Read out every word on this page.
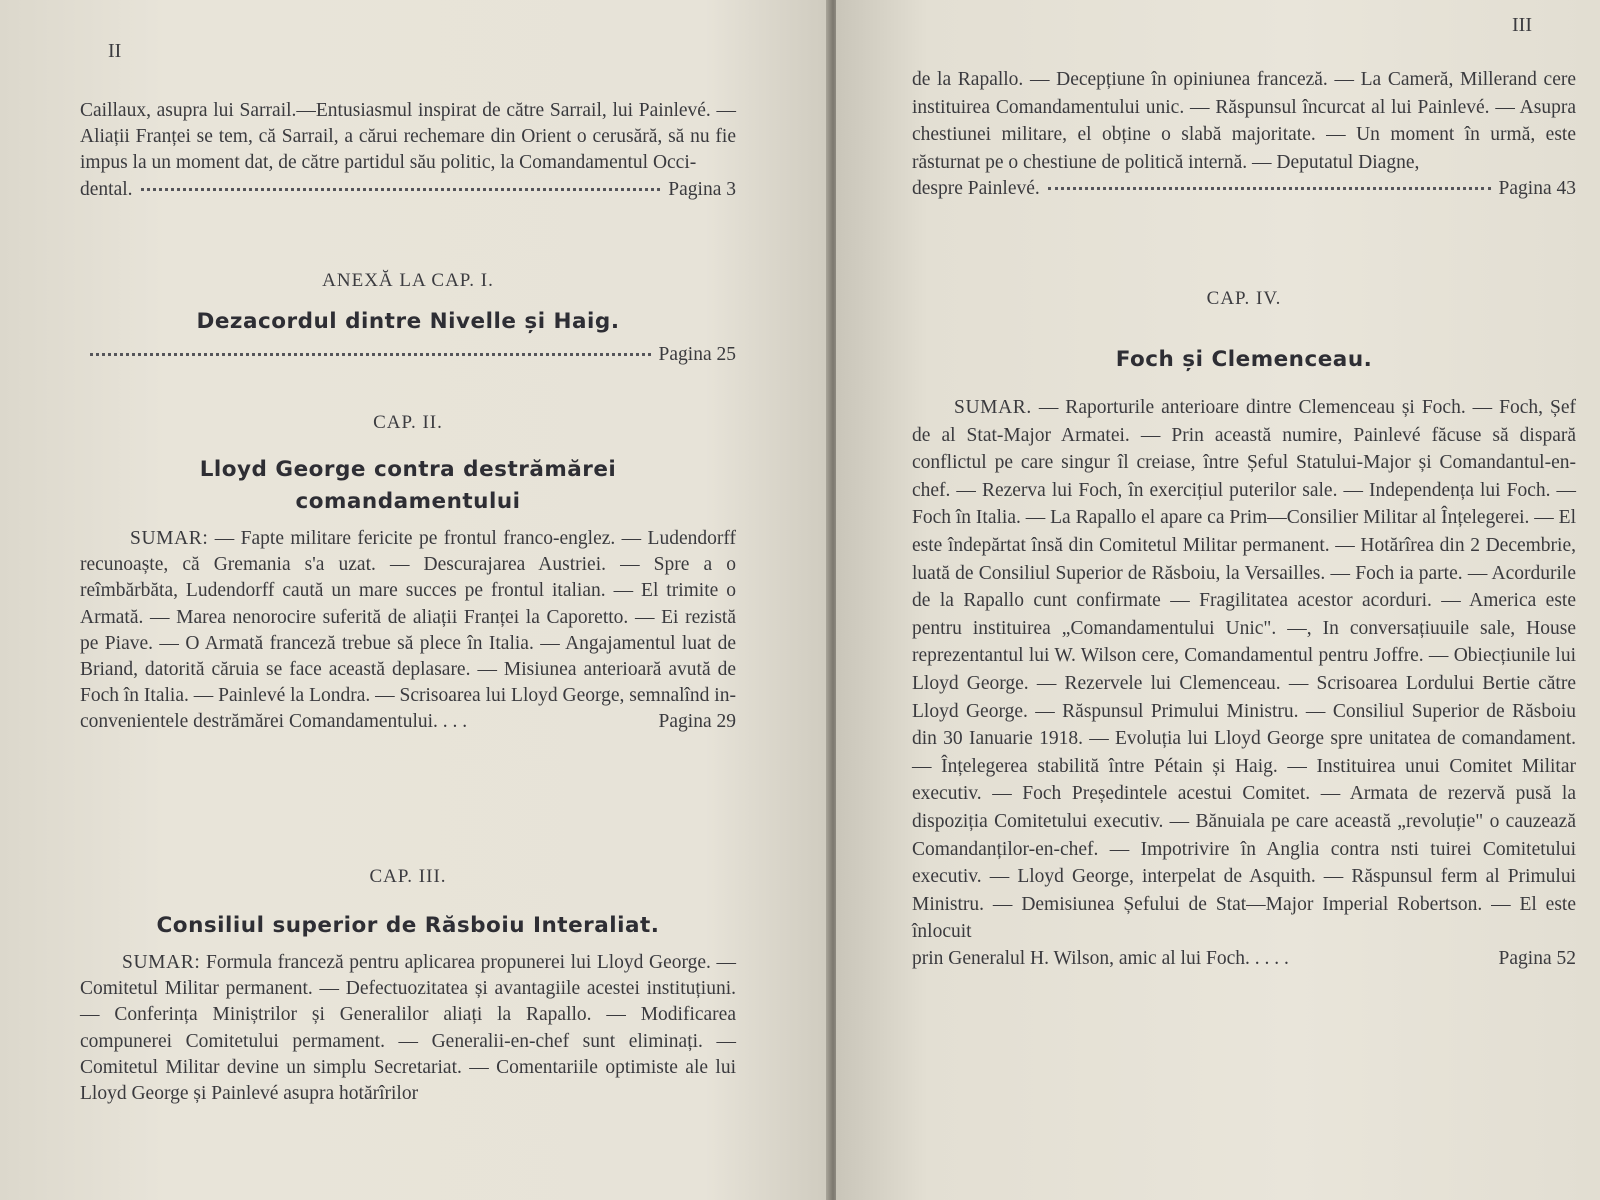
II
Caillaux, asupra lui Sarrail.—Entusiasmul inspirat de către Sarrail, lui Painlevé. — Aliații Franței se tem, că Sarrail, a cărui rechemare din Orient o cerusără, să nu fie impus la un moment dat, de către partidul său politic, la Comandamentul Occi-
dental.	Pagina 3
ANEXĂ LA CAP. I.
Dezacordul dintre Nivelle și Haig.
Pagina 25
CAP. II.
Lloyd George contra destrămărei
comandamentului
SUMAR: — Fapte militare fericite pe frontul franco-englez. — Ludendorff recunoaște, că Gremania s'a uzat. — Descurajarea Austriei. — Spre a o reîmbărbăta, Ludendorff caută un mare succes pe frontul italian. — El trimite o Armată. — Marea nenorocire suferită de aliații Franței la Caporetto. — Ei rezistă pe Piave. — O Armată franceză trebue să plece în Italia. — Angajamentul luat de Briand, datorită căruia se face această deplasare. — Misiunea anterioară avută de Foch în Italia. — Painlevé la Londra. — Scrisoarea lui Lloyd George, semnalînd in-
convenientele destrămărei Comandamentului. . . .	Pagina 29
CAP. III.
Consiliul superior de Răsboiu Interaliat.
SUMAR: Formula franceză pentru aplicarea propunerei lui Lloyd George. — Comitetul Militar permanent. — Defectuozitatea și avantagiile acestei instituțiuni. — Conferința Miniștrilor și Generalilor aliați la Rapallo. — Modificarea compunerei Comitetului permament. — Generalii-en-chef sunt eliminați. — Comitetul Militar devine un simplu Secretariat. — Comentariile optimiste ale lui Lloyd George și Painlevé asupra hotărîrilor
III
de la Rapallo. — Decepțiune în opiniunea franceză. — La Cameră, Millerand cere instituirea Comandamentului unic. — Răspunsul încurcat al lui Painlevé. — Asupra chestiunei militare, el obține o slabă majoritate. — Un moment în urmă, este răsturnat pe o chestiune de politică internă. — Deputatul Diagne,
despre Painlevé.	Pagina 43
CAP. IV.
Foch și Clemenceau.
SUMAR. — Raporturile anterioare dintre Clemenceau și Foch. — Foch, Șef de al Stat-Major Armatei. — Prin această numire, Painlevé făcuse să dispară conflictul pe care singur îl creiase, între Șeful Statului-Major și Comandantul-en-chef. — Rezerva lui Foch, în exercițiul puterilor sale. — Independența lui Foch. — Foch în Italia. — La Rapallo el apare ca Prim—Consilier Militar al Înțelegerei. — El este îndepărtat însă din Comitetul Militar permanent. — Hotărîrea din 2 Decembrie, luată de Consiliul Superior de Răsboiu, la Versailles. — Foch ia parte. — Acordurile de la Rapallo cunt confirmate — Fragilitatea acestor acorduri. — America este pentru instituirea „Comandamentului Unic". —, In conversațiuuile sale, House reprezentantul lui W. Wilson cere, Comandamentul pentru Joffre. — Obiecțiunile lui Lloyd George. — Rezervele lui Clemenceau. — Scrisoarea Lordului Bertie către Lloyd George. — Răspunsul Primului Ministru. — Consiliul Superior de Răsboiu din 30 Ianuarie 1918. — Evoluția lui Lloyd George spre unitatea de comandament. — Înțelegerea stabilită între Pétain și Haig. — Instituirea unui Comitet Militar executiv. — Foch Președintele acestui Comitet. — Armata de rezervă pusă la dispoziția Comitetului executiv. — Bănuiala pe care această „revoluție" o cauzează Comandanților-en-chef. — Impotrivire în Anglia contra nsti tuirei Comitetului executiv. — Lloyd George, interpelat de Asquith. — Răspunsul ferm al Primului Ministru. — Demisiunea Șefului de Stat—Major Imperial Robertson. — El este înlocuit
prin Generalul H. Wilson, amic al lui Foch. . . . .	Pagina 52
